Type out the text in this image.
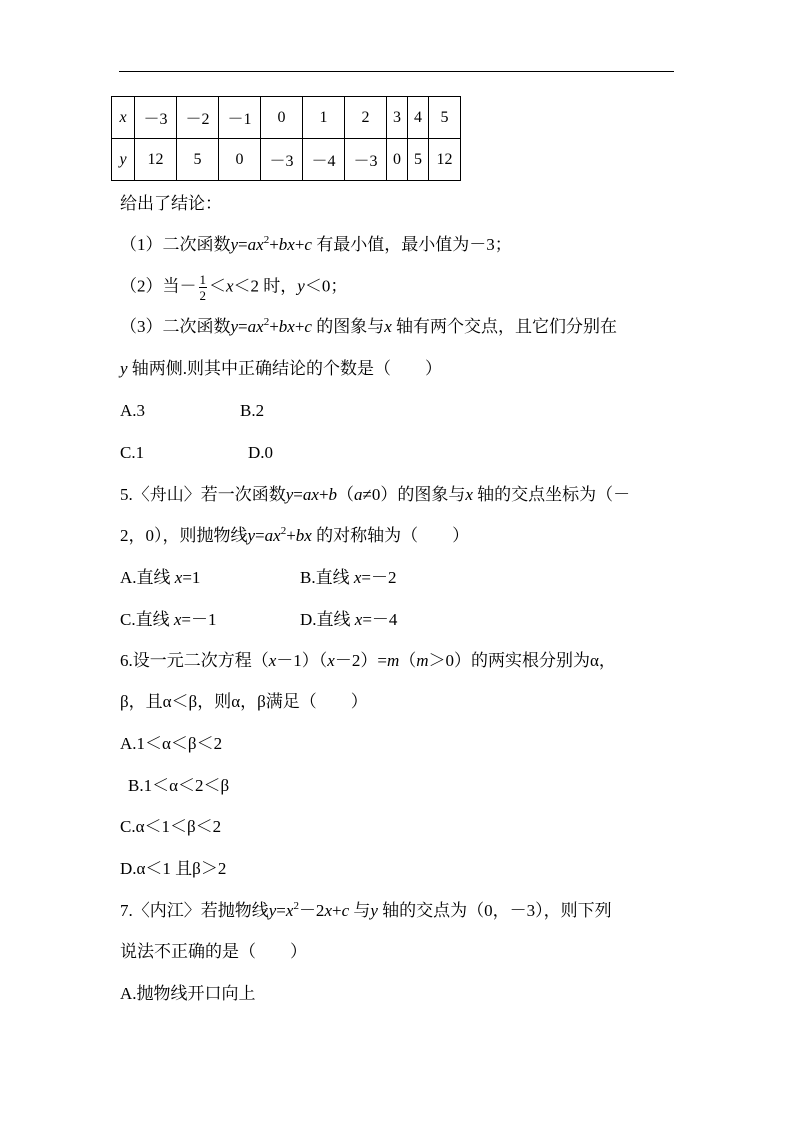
x	－3	－2	－1	0	1	2	3	4	5
y	12	5	0	－3	－4	－3	0	5	12
给出了结论：
（1）二次函数$y=ax^2+bx+c$ 有最小值，最小值为－3；
（2）当－ $\frac{1}{2} <x<2$ 时，y＜0；
（3）二次函数$y=ax^2+bx+c$ 的图象与x 轴有两个交点，且它们分别在
y 轴两侧.则其中正确结论的个数是（　　）
A.3	B.2
C.1	D.0
5.〈舟山〉若一次函数y=ax+b（a≠0）的图象与x 轴的交点坐标为（－
2，0），则抛物线$y=ax^2+bx$ 的对称轴为（　　）
A.直线 x=1	B.直线 x=－2
C.直线 x=－1	D.直线 x=－4
6.设一元二次方程（x－1）（x－2）=m（m＞0）的两实根分别为α，
β，且α＜β，则α，β满足（　　）
A.1＜α＜β＜2
B.1＜α＜2＜β
C.α＜1＜β＜2
D.α＜1 且β＞2
7.〈内江〉若抛物线$y=x^2-2x+c$ 与y 轴的交点为（0，－3），则下列
说法不正确的是（　　）
A.抛物线开口向上
